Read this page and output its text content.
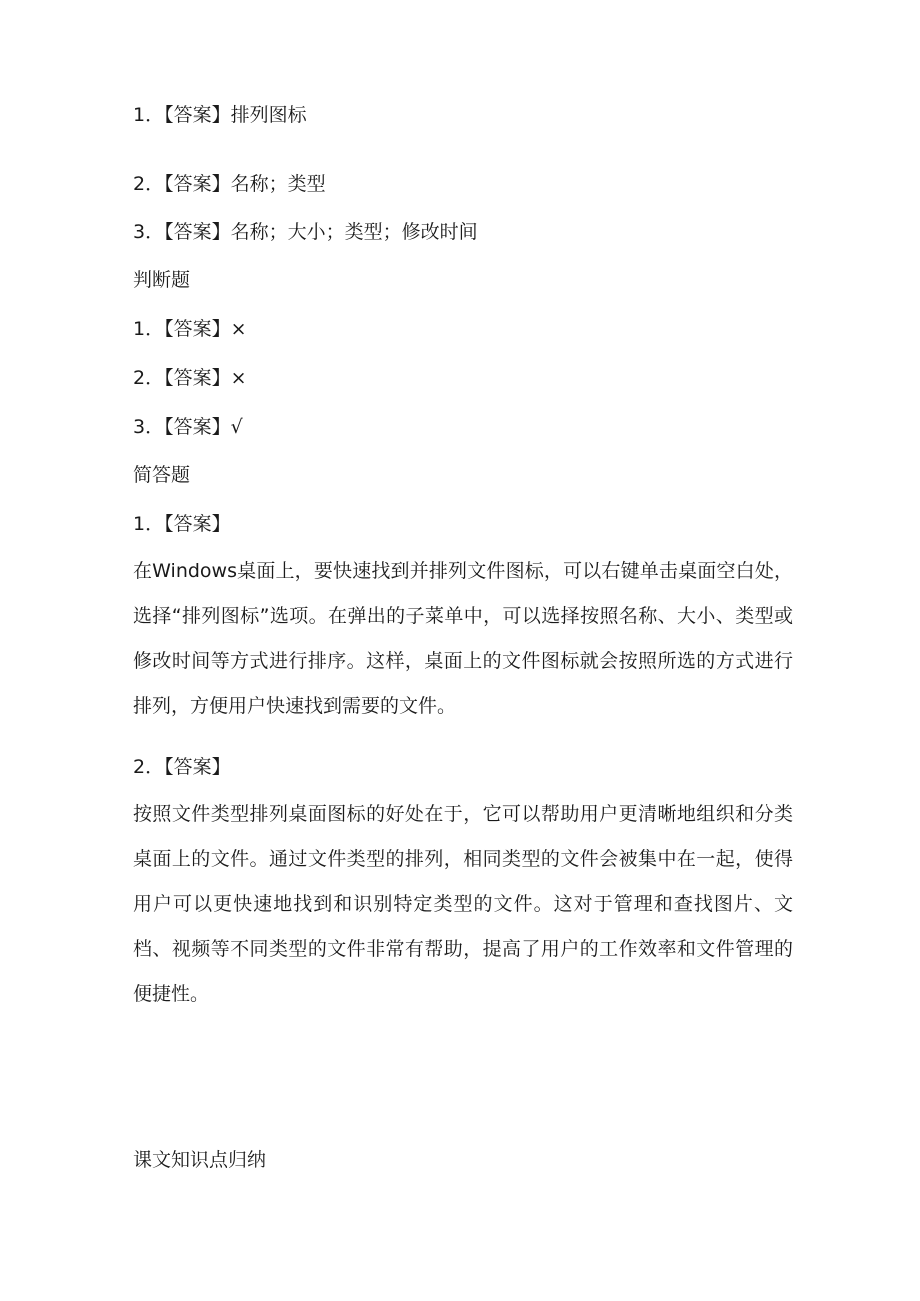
1．【答案】排列图标
2．【答案】名称；类型
3．【答案】名称；大小；类型；修改时间
判断题
1．【答案】×
2．【答案】×
3．【答案】√
简答题
1．【答案】

在Windows桌面上，要快速找到并排列文件图标，可以右键单击桌面空白处，选择“排列图标”选项。在弹出的子菜单中，可以选择按照名称、大小、类型或修改时间等方式进行排序。这样，桌面上的文件图标就会按照所选的方式进行排列，方便用户快速找到需要的文件。

2．【答案】

按照文件类型排列桌面图标的好处在于，它可以帮助用户更清晰地组织和分类桌面上的文件。通过文件类型的排列，相同类型的文件会被集中在一起，使得用户可以更快速地找到和识别特定类型的文件。这对于管理和查找图片、文档、视频等不同类型的文件非常有帮助，提高了用户的工作效率和文件管理的便捷性。

课文知识点归纳
